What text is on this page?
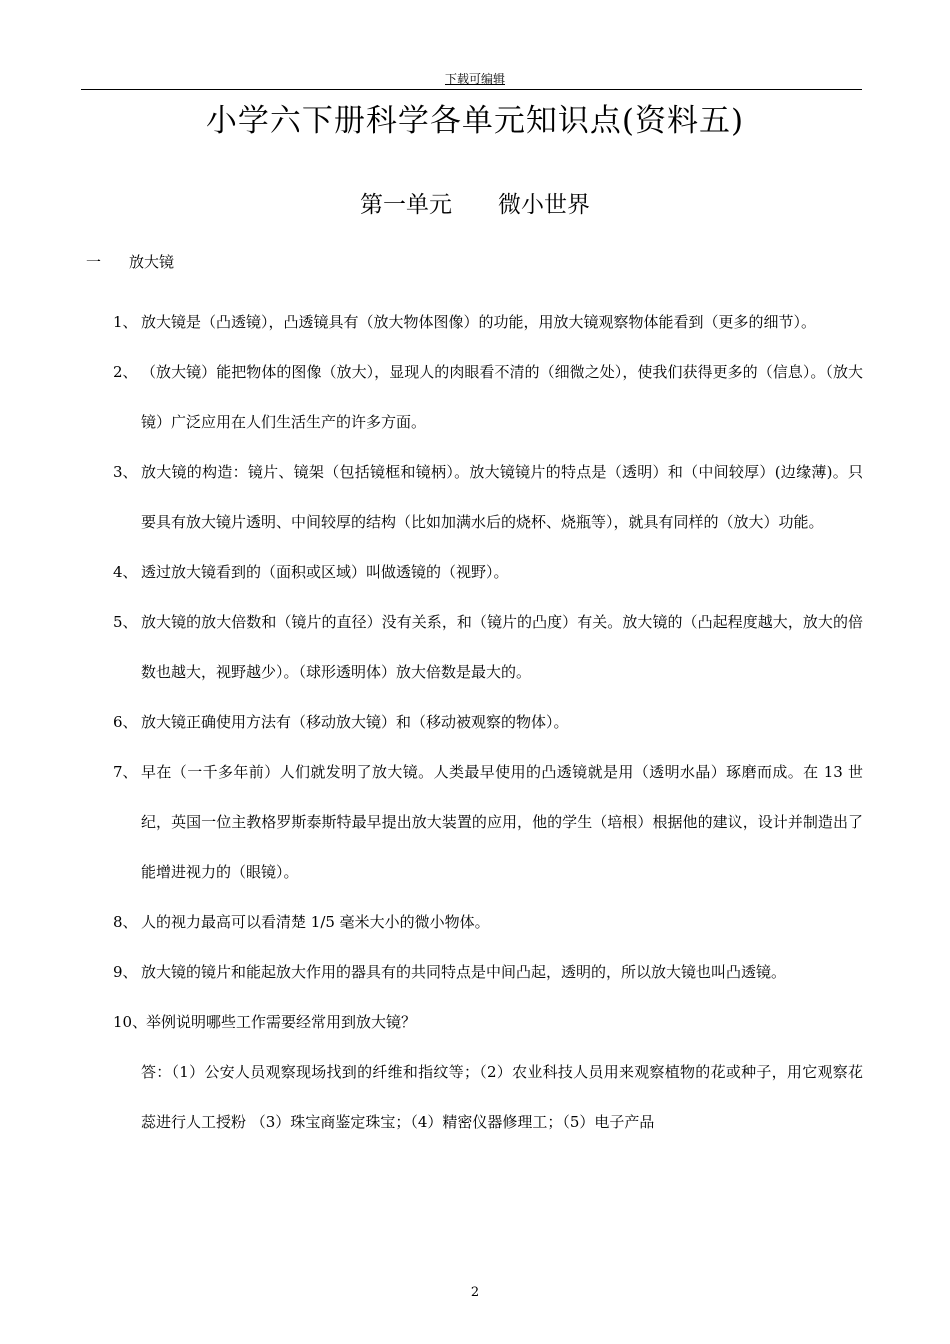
下载可编辑
小学六下册科学各单元知识点(资料五)
第一单元 微小世界
一 放大镜
1、 放大镜是（凸透镜），凸透镜具有（放大物体图像）的功能，用放大镜观察物体能看到（更多的细节）。
2、 （放大镜）能把物体的图像（放大），显现人的肉眼看不清的（细微之处），使我们获得更多的（信息）。（放大镜）广泛应用在人们生活生产的许多方面。
3、 放大镜的构造：镜片、镜架（包括镜框和镜柄）。放大镜镜片的特点是（透明）和（中间较厚）(边缘薄)。只要具有放大镜片透明、中间较厚的结构（比如加满水后的烧杯、烧瓶等），就具有同样的（放大）功能。
4、 透过放大镜看到的（面积或区域）叫做透镜的（视野）。
5、 放大镜的放大倍数和（镜片的直径）没有关系，和（镜片的凸度）有关。放大镜的（凸起程度越大，放大的倍数也越大，视野越少）。（球形透明体）放大倍数是最大的。
6、 放大镜正确使用方法有（移动放大镜）和（移动被观察的物体）。
7、 早在（一千多年前）人们就发明了放大镜。人类最早使用的凸透镜就是用（透明水晶）琢磨而成。在 13 世纪，英国一位主教格罗斯泰斯特最早提出放大装置的应用，他的学生（培根）根据他的建议，设计并制造出了能增进视力的（眼镜）。
8、 人的视力最高可以看清楚 1/5 毫米大小的微小物体。
9、 放大镜的镜片和能起放大作用的器具有的共同特点是中间凸起，透明的，所以放大镜也叫凸透镜。
10、
举例说明哪些工作需要经常用到放大镜？
答：（1）公安人员观察现场找到的纤维和指纹等；（2）农业科技人员用来观察植物的花或种子，用它观察花蕊进行人工授粉 （3）珠宝商鉴定珠宝；（4）精密仪器修理工；（5）电子产品
2
